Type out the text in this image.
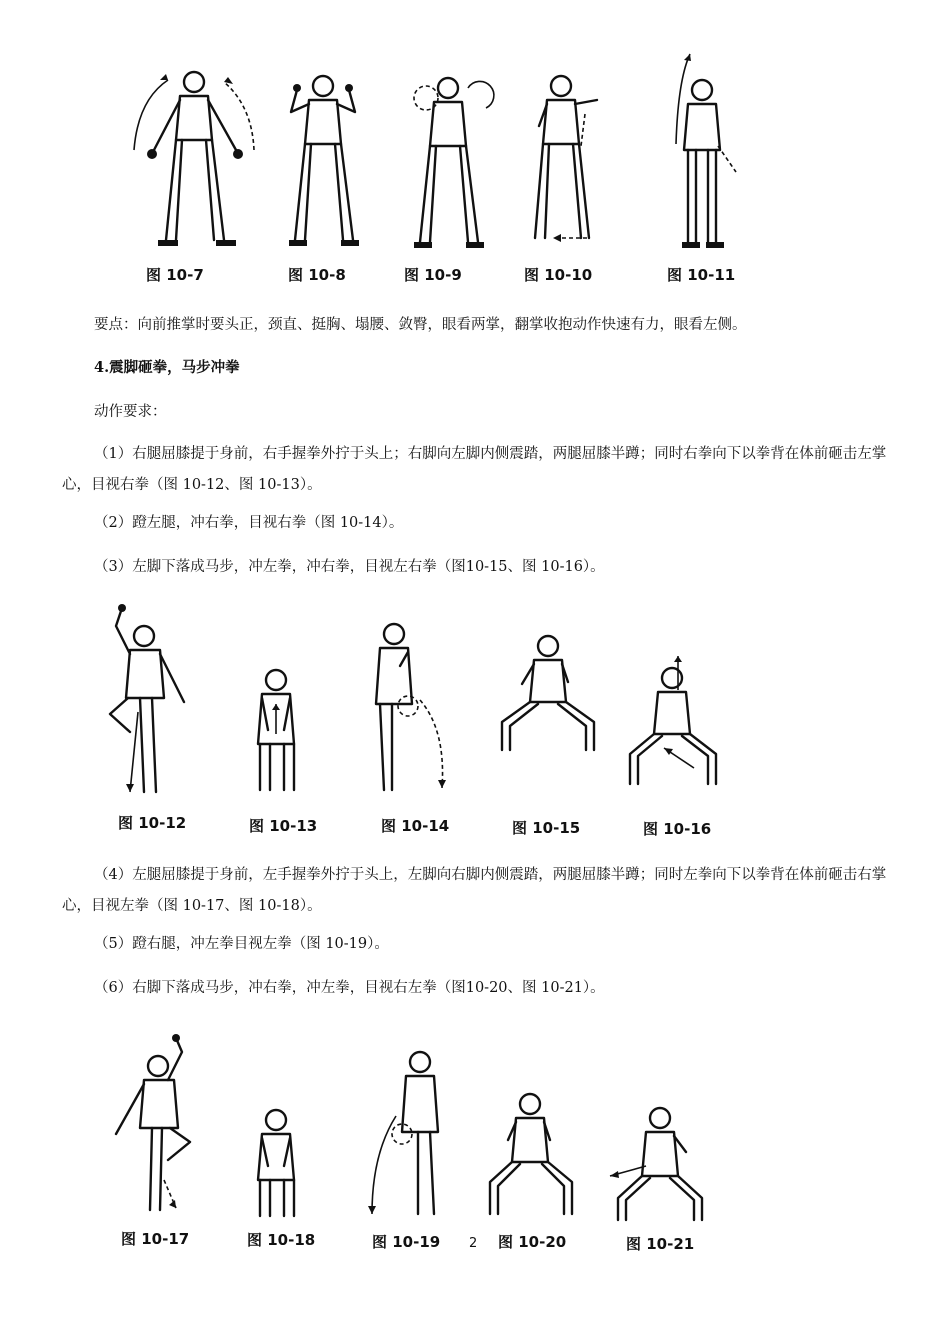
图 10-7	图 10-8	图 10-9	图 10-10	图 10-11
要点：向前推掌时要头正，颈直、挺胸、塌腰、敛臀，眼看两掌，翻掌收抱动作快速有力，眼看左侧。
4.震脚砸拳，马步冲拳
动作要求：
（1）右腿屈膝提于身前，右手握拳外拧于头上；右脚向左脚内侧震踏，两腿屈膝半蹲；同时右拳向下以拳背在体前砸击左掌心，目视右拳（图 10-12、图 10-13）。
（2）蹬左腿，冲右拳，目视右拳（图 10-14）。
（3）左脚下落成马步，冲左拳，冲右拳，目视左右拳（图10-15、图 10-16）。
图 10-12	图 10-13	图 10-14	图 10-15	图 10-16
（4）左腿屈膝提于身前，左手握拳外拧于头上，左脚向右脚内侧震踏，两腿屈膝半蹲；同时左拳向下以拳背在体前砸击右掌心，目视左拳（图 10-17、图 10-18）。
（5）蹬右腿，冲左拳目视左拳（图 10-19）。
（6）右脚下落成马步，冲右拳，冲左拳，目视右左拳（图10-20、图 10-21）。
图 10-17	图 10-18	图 10-19	图 10-20	图 10-21
2
